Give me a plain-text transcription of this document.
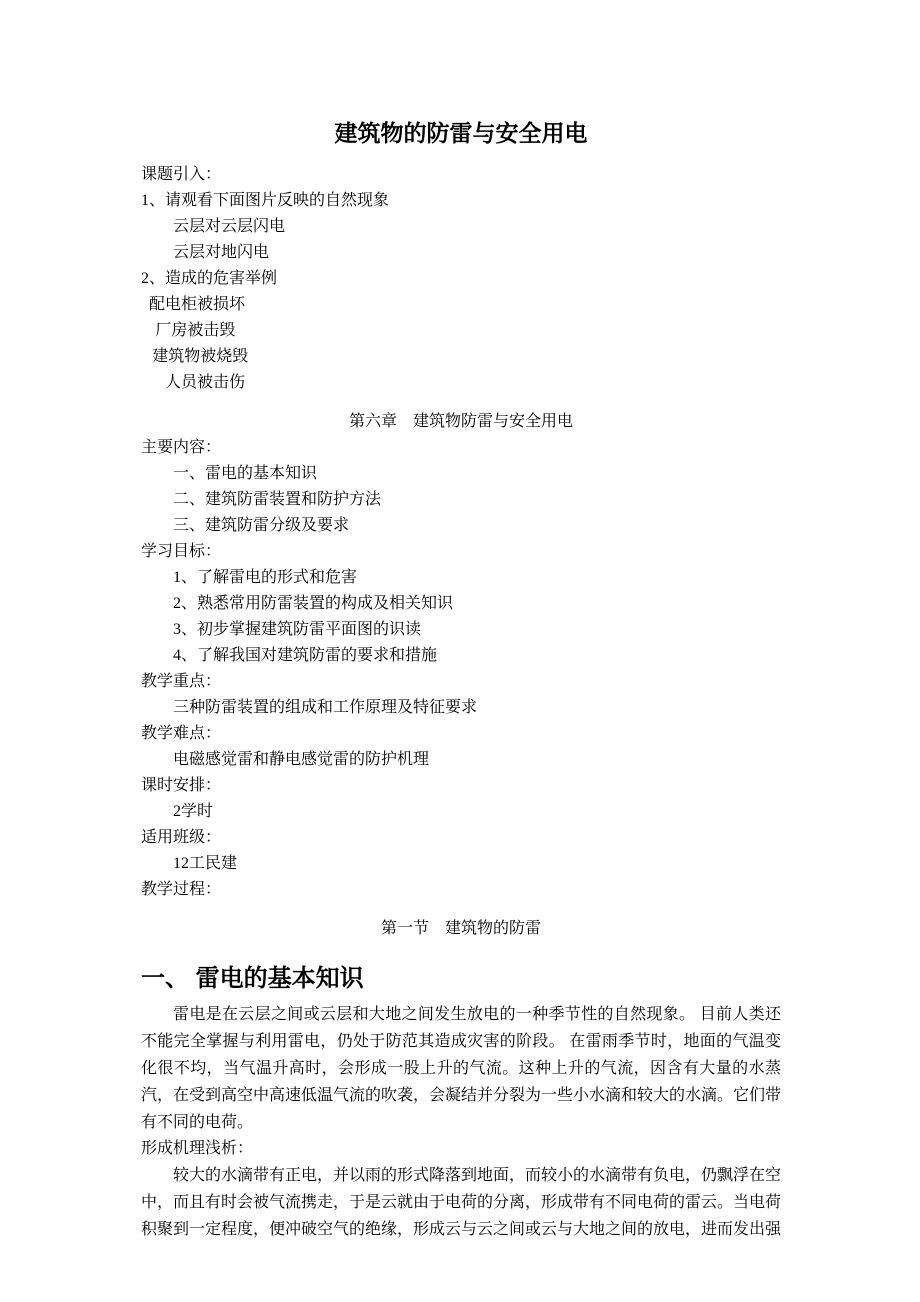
建筑物的防雷与安全用电
课题引入：
1、请观看下面图片反映的自然现象
云层对云层闪电
云层对地闪电
2、造成的危害举例
配电柜被损坏
厂房被击毁
建筑物被烧毁
人员被击伤
第六章　建筑物防雷与安全用电
主要内容：
一、雷电的基本知识
二、建筑防雷装置和防护方法
三、建筑防雷分级及要求
学习目标：
1、了解雷电的形式和危害
2、熟悉常用防雷装置的构成及相关知识
3、初步掌握建筑防雷平面图的识读
4、了解我国对建筑防雷的要求和措施
教学重点：
三种防雷装置的组成和工作原理及特征要求
教学难点：
电磁感觉雷和静电感觉雷的防护机理
课时安排：
2学时
适用班级：
12工民建
教学过程：
第一节　建筑物的防雷
一、 雷电的基本知识
雷电是在云层之间或云层和大地之间发生放电的一种季节性的自然现象。 目前人类还不能完全掌握与利用雷电，仍处于防范其造成灾害的阶段。 在雷雨季节时，地面的气温变化很不均，当气温升高时，会形成一股上升的气流。这种上升的气流，因含有大量的水蒸汽，在受到高空中高速低温气流的吹袭，会凝结并分裂为一些小水滴和较大的水滴。它们带有不同的电荷。
形成机理浅析：
较大的水滴带有正电，并以雨的形式降落到地面，而较小的水滴带有负电，仍飘浮在空中，而且有时会被气流携走，于是云就由于电荷的分离，形成带有不同电荷的雷云。当电荷积聚到一定程度，便冲破空气的绝缘，形成云与云之间或云与大地之间的放电，进而发出强
